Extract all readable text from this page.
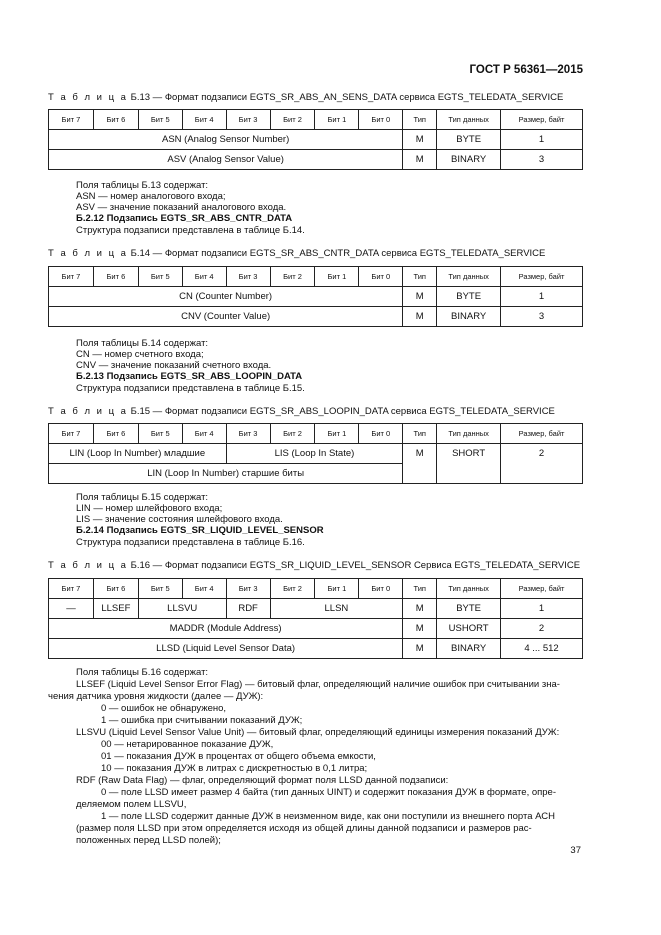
ГОСТ Р 56361—2015
Т а б л и ц а Б.13 — Формат подзаписи EGTS_SR_ABS_AN_SENS_DATA сервиса EGTS_TELEDATA_SERVICE
Бит 7	Бит 6	Бит 5	Бит 4	Бит 3	Бит 2	Бит 1	Бит 0	Тип	Тип данных	Размер, байт
ASN (Analog Sensor Number)								M	BYTE	1
ASV (Analog Sensor Value)								M	BINARY	3
Поля таблицы Б.13 содержат:
ASN — номер аналогового входа;
ASV — значение показаний аналогового входа.
Б.2.12 Подзапись EGTS_SR_ABS_CNTR_DATA
Структура подзаписи представлена в таблице Б.14.
Т а б л и ц а Б.14 — Формат подзаписи EGTS_SR_ABS_CNTR_DATA сервиса EGTS_TELEDATA_SERVICE
Бит 7	Бит 6	Бит 5	Бит 4	Бит 3	Бит 2	Бит 1	Бит 0	Тип	Тип данных	Размер, байт
CN (Counter Number)								M	BYTE	1
CNV (Counter Value)								M	BINARY	3
Поля таблицы Б.14 содержат:
CN — номер счетного входа;
CNV — значение показаний счетного входа.
Б.2.13 Подзапись EGTS_SR_ABS_LOOPIN_DATA
Структура подзаписи представлена в таблице Б.15.
Т а б л и ц а Б.15 — Формат подзаписи EGTS_SR_ABS_LOOPIN_DATA сервиса EGTS_TELEDATA_SERVICE
Бит 7	Бит 6	Бит 5	Бит 4	Бит 3	Бит 2	Бит 1	Бит 0	Тип	Тип данных	Размер, байт
LIN (Loop In Number) младшие				LIS (Loop In State)				M	SHORT	2
LIN (Loop In Number) старшие биты										
Поля таблицы Б.15 содержат:
LIN — номер шлейфового входа;
LIS — значение состояния шлейфового входа.
Б.2.14 Подзапись EGTS_SR_LIQUID_LEVEL_SENSOR
Структура подзаписи представлена в таблице Б.16.
Т а б л и ц а Б.16 — Формат подзаписи EGTS_SR_LIQUID_LEVEL_SENSOR Сервиса EGTS_TELEDATA_SERVICE
Бит 7	Бит 6	Бит 5	Бит 4	Бит 3	Бит 2	Бит 1	Бит 0	Тип	Тип данных	Размер, байт
—	LLSEF	LLSVU		RDF	LLSN			M	BYTE	1
MADDR (Module Address)								M	USHORT	2
LLSD (Liquid Level Sensor Data)								M	BINARY	4 ... 512
Поля таблицы Б.16 содержат:
LLSEF (Liquid Level Sensor Error Flag) — битовый флаг, определяющий наличие ошибок при считывании зна-
чения датчика уровня жидкости (далее — ДУЖ):
0 — ошибок не обнаружено,
1 — ошибка при считывании показаний ДУЖ;
LLSVU (Liquid Level Sensor Value Unit) — битовый флаг, определяющий единицы измерения показаний ДУЖ:
00 — нетарированное показание ДУЖ,
01 — показания ДУЖ в процентах от общего объема емкости,
10 — показания ДУЖ в литрах с дискретностью в 0,1 литра;
RDF (Raw Data Flag) — флаг, определяющий формат поля LLSD данной подзаписи:
0 — поле LLSD имеет размер 4 байта (тип данных UINT) и содержит показания ДУЖ в формате, опре-
деляемом полем LLSVU,
1 — поле LLSD содержит данные ДУЖ в неизменном виде, как они поступили из внешнего порта АСН
(размер поля LLSD при этом определяется исходя из общей длины данной подзаписи и размеров рас-
положенных перед LLSD полей);
37
